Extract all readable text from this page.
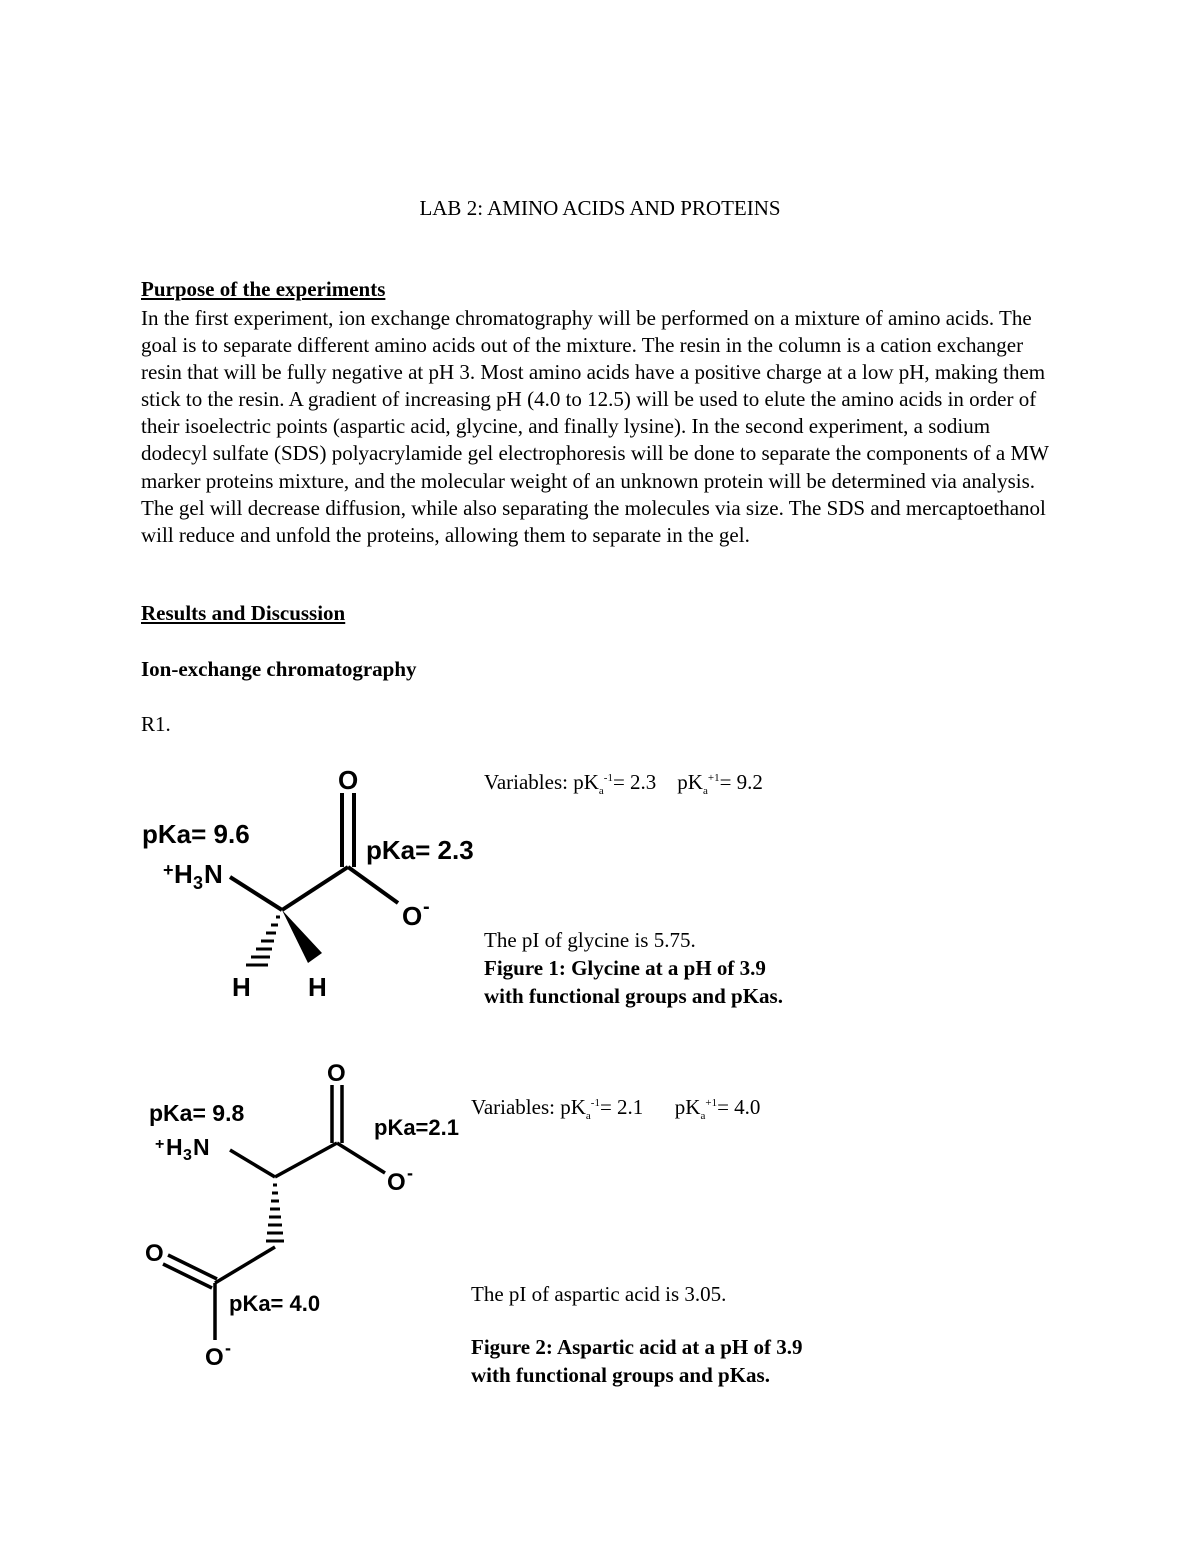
LAB 2: AMINO ACIDS AND PROTEINS
Purpose of the experiments
In the first experiment, ion exchange chromatography will be performed on a mixture of amino acids. The goal is to separate different amino acids out of the mixture. The resin in the column is a cation exchanger resin that will be fully negative at pH 3. Most amino acids have a positive charge at a low pH, making them stick to the resin. A gradient of increasing pH (4.0 to 12.5) will be used to elute the amino acids in order of their isoelectric points (aspartic acid, glycine, and finally lysine). In the second experiment, a sodium dodecyl sulfate (SDS) polyacrylamide gel electrophoresis will be done to separate the components of a MW marker proteins mixture, and the molecular weight of an unknown protein will be determined via analysis. The gel will decrease diffusion, while also separating the molecules via size. The SDS and mercaptoethanol will reduce and unfold the proteins, allowing them to separate in the gel.
Results and Discussion
Ion-exchange chromatography
R1.
O
pKa= 9.6
+ H 3 N
pKa= 2.3
O -
H H
Variables: $pK_a^{-1}= 2.3$ $pK_a^{+1}= 9.2$
The pI of glycine is 5.75.
Figure 1: Glycine at a pH of 3.9
with functional groups and pKas.
O
pKa= 9.8
+ H 3 N
pKa=2.1
O -
O
pKa= 4.0
O -
Variables: $pK_a^{-1}= 2.1$ $pK_a^{+1}= 4.0$
The pI of aspartic acid is 3.05.
Figure 2: Aspartic acid at a pH of 3.9
with functional groups and pKas.
